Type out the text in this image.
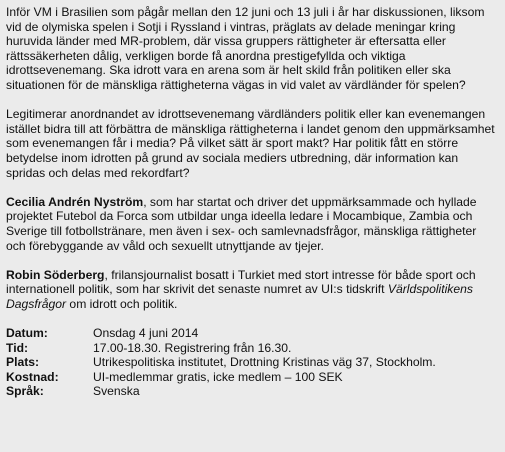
Inför VM i Brasilien som pågår mellan den 12 juni och 13 juli i år har diskussionen, liksom vid de olymiska spelen i Sotji i Ryssland i vintras, präglats av delade meningar kring huruvida länder med MR-problem, där vissa gruppers rättigheter är eftersatta eller rättssäkerheten dålig, verkligen borde få anordna prestigefyllda och viktiga idrottsevenemang. Ska idrott vara en arena som är helt skild från politiken eller ska situationen för de mänskliga rättigheterna vägas in vid valet av värdländer för spelen?

Legitimerar anordnandet av idrottsevenemang värdländers politik eller kan evenemangen istället bidra till att förbättra de mänskliga rättigheterna i landet genom den uppmärksamhet som evenemangen får i media? På vilket sätt är sport makt? Har politik fått en större betydelse inom idrotten på grund av sociala mediers utbredning, där information kan spridas och delas med rekordfart?

Cecilia Andrén Nyström, som har startat och driver det uppmärksammade och hyllade projektet Futebol da Forca som utbildar unga ideella ledare i Mocambique, Zambia och Sverige till fotbollstränare, men även i sex- och samlevnadsfrågor, mänskliga rättigheter och förebyggande av våld och sexuellt utnyttjande av tjejer.

Robin Söderberg, frilansjournalist bosatt i Turkiet med stort intresse för både sport och internationell politik, som har skrivit det senaste numret av UI:s tidskrift Världspolitikens Dagsfrågor om idrott och politik.

Datum:	Onsdag 4 juni 2014
Tid:	17.00-18.30. Registrering från 16.30.
Plats:	Utrikespolitiska institutet, Drottning Kristinas väg 37, Stockholm.
Kostnad:	UI-medlemmar gratis, icke medlem – 100 SEK
Språk:	Svenska
